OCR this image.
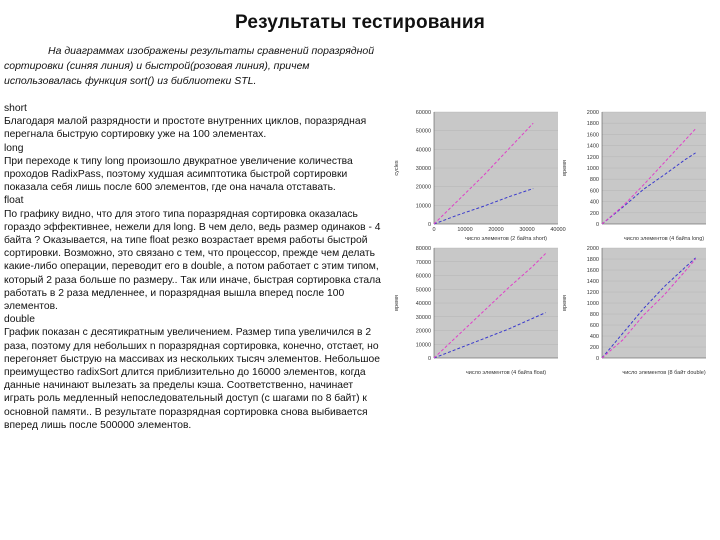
Результаты тестирования
На диаграммах изображены результаты сравнений поразрядной сортировки (синяя линия) и быстрой(розовая линия), причем использовалась функция sort() из библиотеки STL.

short

Благодаря малой разрядности и простоте внутренних циклов, поразрядная перегнала быструю сортировку уже на 100 элементах.

long

При переходе к типу long произошло двукратное увеличение количества проходов RadixPass, поэтому худшая асимптотика быстрой сортировки показала себя лишь после 600 элементов, где она начала отставать.

float

По графику видно, что для этого типа поразрядная сортировка оказалась гораздо эффективнее, нежели для long. В чем дело, ведь размер одинаков - 4 байта ? Оказывается, на типе float резко возрастает время работы быстрой сортировки. Возможно, это связано с тем, что процессор, прежде чем делать какие-либо операции, переводит его в double, а потом работает с этим типом, который 2 раза больше по размеру.. Так или иначе, быстрая сортировка стала работать в 2 раза медленнее, и поразрядная вышла вперед после 100 элементов.

double

График показан с десятикратным увеличением. Размер типа увеличился в 2 раза, поэтому для небольших n поразрядная сортировка, конечно, отстает, но перегоняет быструю на массивах из нескольких тысяч элементов. Небольшое преимущество radixSort длится приблизительно до 16000 элементов, когда данные начинают вылезать за пределы кэша. Соответственно, начинает играть роль медленный непоследовательный доступ (с шагами по 8 байт) к основной памяти.. В результате поразрядная сортировка снова выбивается вперед лишь после 500000 элементов.

0
10000
20000
30000
40000
50000
60000
0	10000	20000	30000	40000
cycles
число элементов (2 байта short)
0
200
400
600
800
1000
1200
1400
1600
1800
2000
время
число элементов (4 байта long)
0
10000
20000
30000
40000
50000
60000
70000
80000
время
число элементов (4 байта float)
0
200
400
600
800
1000
1200
1400
1600
1800
2000
время
число элементов (8 байт double)
